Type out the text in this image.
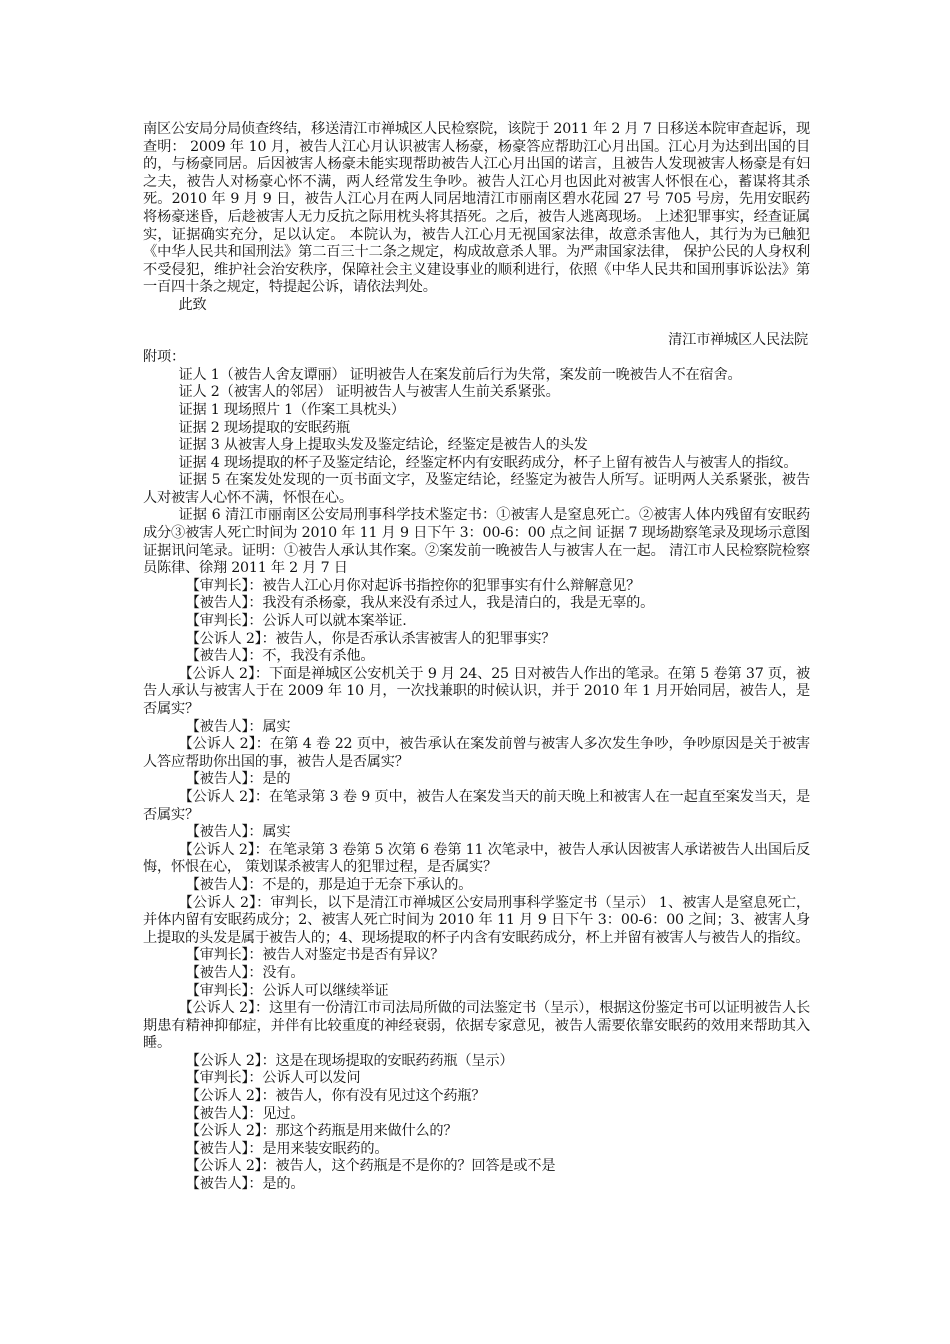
南区公安局分局侦查终结，移送清江市禅城区人民检察院，该院于 2011 年 2 月 7 日移送本院审查起诉，现查明： 2009 年 10 月，被告人江心月认识被害人杨豪，杨豪答应帮助江心月出国。江心月为达到出国的目的，与杨豪同居。后因被害人杨豪未能实现帮助被告人江心月出国的诺言，且被告人发现被害人杨豪是有妇之夫，被告人对杨豪心怀不满，两人经常发生争吵。被告人江心月也因此对被害人怀恨在心，蓄谋将其杀死。2010 年 9 月 9 日，被告人江心月在两人同居地清江市丽南区碧水花园 27 号 705 号房，先用安眠药将杨豪迷昏，后趁被害人无力反抗之际用枕头将其捂死。之后，被告人逃离现场。 上述犯罪事实，经查证属实，证据确实充分，足以认定。 本院认为，被告人江心月无视国家法律，故意杀害他人，其行为为已触犯《中华人民共和国刑法》第二百三十二条之规定，构成故意杀人罪。为严肃国家法律， 保护公民的人身权利不受侵犯，维护社会治安秩序，保障社会主义建设事业的顺利进行，依照《中华人民共和国刑事诉讼法》第一百四十条之规定，特提起公诉，请依法判处。

此致

清江市禅城区人民法院

附项：

证人 1（被告人舍友谭丽） 证明被告人在案发前后行为失常，案发前一晚被告人不在宿舍。

证人 2（被害人的邻居） 证明被告人与被害人生前关系紧张。

证据 1 现场照片 1（作案工具枕头）

证据 2 现场提取的安眠药瓶

证据 3 从被害人身上提取头发及鉴定结论，经鉴定是被告人的头发

证据 4 现场提取的杯子及鉴定结论，经鉴定杯内有安眠药成分，杯子上留有被告人与被害人的指纹。

证据 5 在案发处发现的一页书面文字，及鉴定结论，经鉴定为被告人所写。证明两人关系紧张，被告人对被害人心怀不满，怀恨在心。

证据 6 清江市丽南区公安局刑事科学技术鉴定书：①被害人是窒息死亡。②被害人体内残留有安眠药成分③被害人死亡时间为 2010 年 11 月 9 日下午 3：00-6：00 点之间 证据 7 现场勘察笔录及现场示意图 证据讯问笔录。证明：①被告人承认其作案。②案发前一晚被告人与被害人在一起。 清江市人民检察院检察员陈律、徐翔 2011 年 2 月 7 日

【审判长】：被告人江心月你对起诉书指控你的犯罪事实有什么辩解意见？

【被告人】：我没有杀杨豪，我从来没有杀过人，我是清白的，我是无辜的。

【审判长】：公诉人可以就本案举证.

【公诉人 2】：被告人，你是否承认杀害被害人的犯罪事实？

【被告人】：不，我没有杀他。

【公诉人 2】：下面是禅城区公安机关于 9 月 24、25 日对被告人作出的笔录。在第 5 卷第 37 页，被告人承认与被害人于在 2009 年 10 月，一次找兼职的时候认识，并于 2010 年 1 月开始同居，被告人，是否属实？

【被告人】：属实

【公诉人 2】：在第 4 卷 22 页中，被告承认在案发前曾与被害人多次发生争吵，争吵原因是关于被害人答应帮助你出国的事，被告人是否属实？

【被告人】：是的

【公诉人 2】：在笔录第 3 卷 9 页中，被告人在案发当天的前天晚上和被害人在一起直至案发当天，是否属实？

【被告人】：属实

【公诉人 2】：在笔录第 3 卷第 5 次第 6 卷第 11 次笔录中，被告人承认因被害人承诺被告人出国后反悔，怀恨在心， 策划谋杀被害人的犯罪过程，是否属实？

【被告人】：不是的，那是迫于无奈下承认的。

【公诉人 2】：审判长，以下是清江市禅城区公安局刑事科学鉴定书（呈示） 1、被害人是窒息死亡，并体内留有安眠药成分；2、被害人死亡时间为 2010 年 11 月 9 日下午 3：00-6：00 之间；3、被害人身上提取的头发是属于被告人的；4、现场提取的杯子内含有安眠药成分，杯上并留有被害人与被告人的指纹。

【审判长】：被告人对鉴定书是否有异议？

【被告人】：没有。

【审判长】：公诉人可以继续举证

【公诉人 2】：这里有一份清江市司法局所做的司法鉴定书（呈示），根据这份鉴定书可以证明被告人长期患有精神抑郁症，并伴有比较重度的神经衰弱，依据专家意见，被告人需要依靠安眠药的效用来帮助其入睡。

【公诉人 2】：这是在现场提取的安眠药药瓶（呈示）

【审判长】：公诉人可以发问

【公诉人 2】：被告人，你有没有见过这个药瓶？

【被告人】：见过。

【公诉人 2】：那这个药瓶是用来做什么的？

【被告人】：是用来装安眠药的。

【公诉人 2】：被告人，这个药瓶是不是你的？回答是或不是

【被告人】：是的。
